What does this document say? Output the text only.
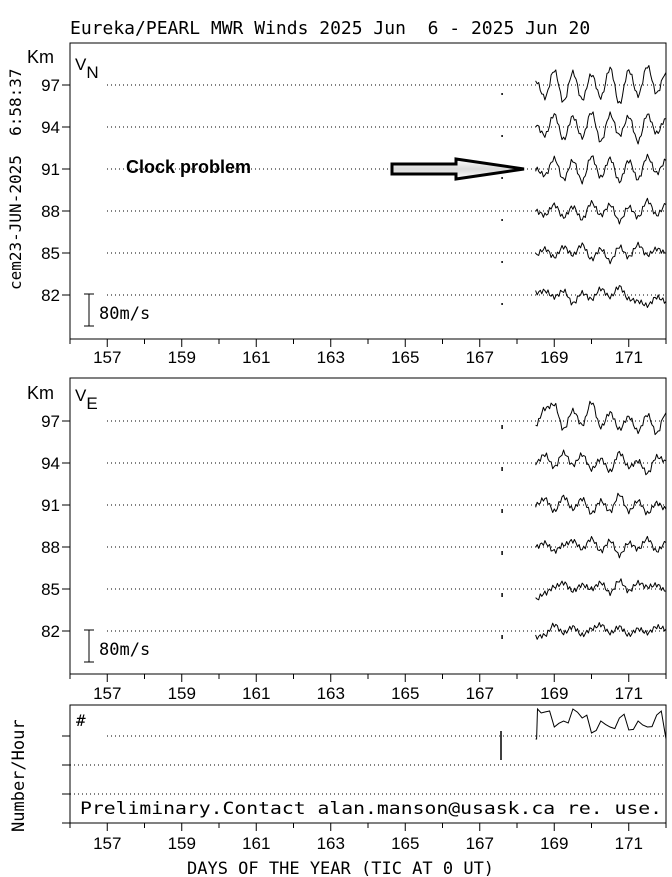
Eureka/PEARL MWR Winds 2025 Jun  6 - 2025 Jun 20
cem23-JUN-2025  6:58:37
Km VN
82
85
88
91
94
97
80m/s
Clock problem
Km VE
82
85
88
91
94
97
80m/s
Number/Hour	#
Preliminary.Contact alan.manson@usask.ca re. use.
157	159	161	163	165	167	169	171
157	159	161	163	165	167	169	171
157	159	161	163	165	167	169	171
DAYS OF THE YEAR (TIC AT 0 UT)
